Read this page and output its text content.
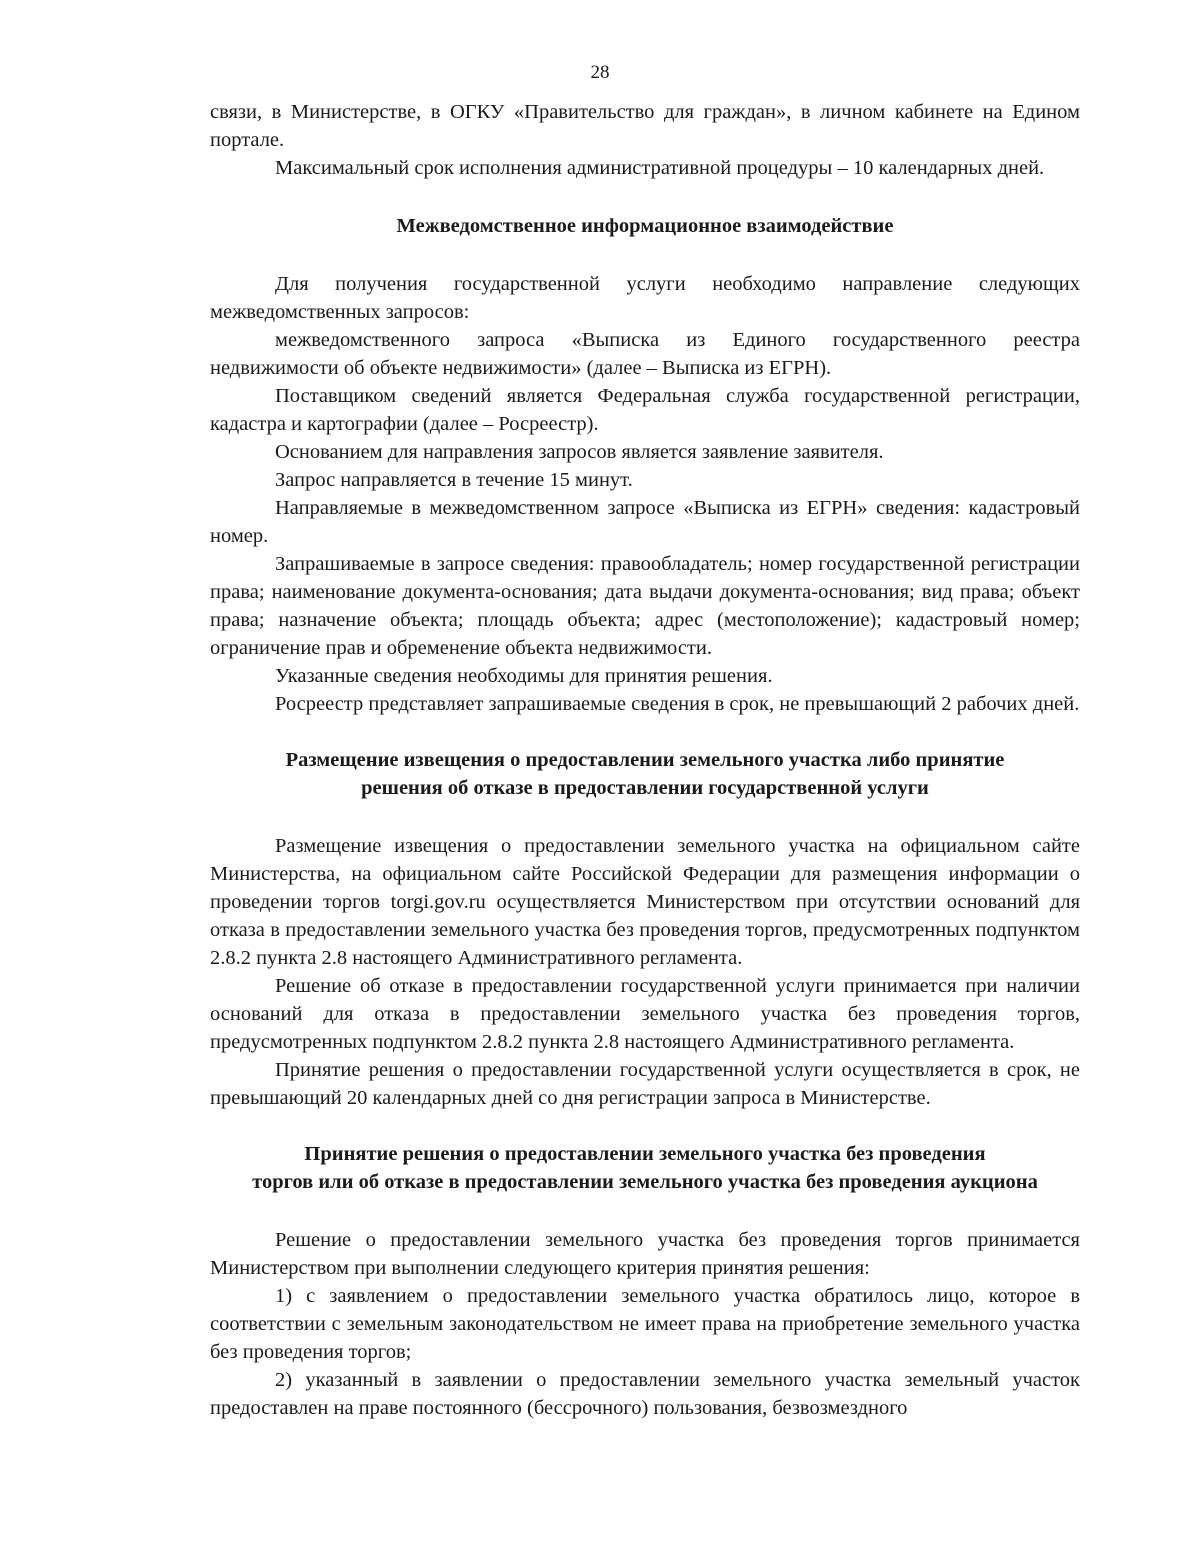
28

связи, в Министерстве, в ОГКУ «Правительство для граждан», в личном кабинете на Едином портале.

Максимальный срок исполнения административной процедуры – 10 календарных дней.

Межведомственное информационное взаимодействие

Для получения государственной услуги необходимо направление следующих межведомственных запросов:

межведомственного запроса «Выписка из Единого государственного реестра недвижимости об объекте недвижимости» (далее – Выписка из ЕГРН).

Поставщиком сведений является Федеральная служба государственной регистрации, кадастра и картографии (далее – Росреестр).

Основанием для направления запросов является заявление заявителя.

Запрос направляется в течение 15 минут.

Направляемые в межведомственном запросе «Выписка из ЕГРН» сведения: кадастровый номер.

Запрашиваемые в запросе сведения: правообладатель; номер государственной регистрации права; наименование документа-основания; дата выдачи документа-основания; вид права; объект права; назначение объекта; площадь объекта; адрес (местоположение); кадастровый номер; ограничение прав и обременение объекта недвижимости.

Указанные сведения необходимы для принятия решения.

Росреестр представляет запрашиваемые сведения в срок, не превышающий 2 рабочих дней.

Размещение извещения о предоставлении земельного участка либо принятие
решения об отказе в предоставлении государственной услуги

Размещение извещения о предоставлении земельного участка на официальном сайте Министерства, на официальном сайте Российской Федерации для размещения информации о проведении торгов torgi.gov.ru осуществляется Министерством при отсутствии оснований для отказа в предоставлении земельного участка без проведения торгов, предусмотренных подпунктом 2.8.2 пункта 2.8 настоящего Административного регламента.

Решение об отказе в предоставлении государственной услуги принимается при наличии оснований для отказа в предоставлении земельного участка без проведения торгов, предусмотренных подпунктом 2.8.2 пункта 2.8 настоящего Административного регламента.

Принятие решения о предоставлении государственной услуги осуществляется в срок, не превышающий 20 календарных дней со дня регистрации запроса в Министерстве.

Принятие решения о предоставлении земельного участка без проведения
торгов или об отказе в предоставлении земельного участка без проведения аукциона

Решение о предоставлении земельного участка без проведения торгов принимается Министерством при выполнении следующего критерия принятия решения:

1) с заявлением о предоставлении земельного участка обратилось лицо, которое в соответствии с земельным законодательством не имеет права на приобретение земельного участка без проведения торгов;

2) указанный в заявлении о предоставлении земельного участка земельный участок предоставлен на праве постоянного (бессрочного) пользования, безвозмездного
